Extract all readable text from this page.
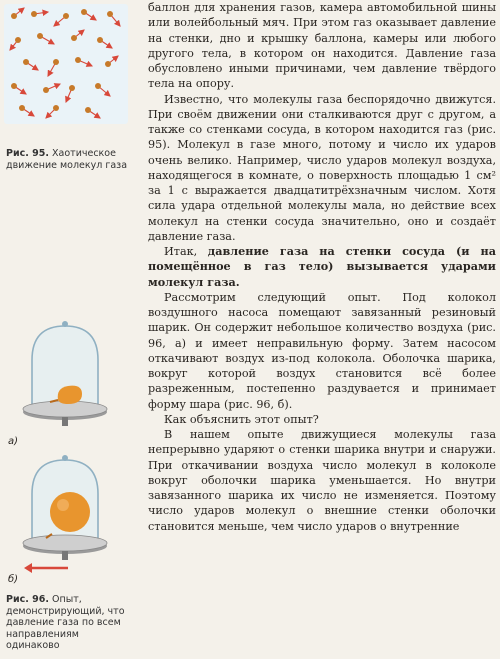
Рис. 95. Хаотическое движение молекул газа
а)
б)
Рис. 96. Опыт, демонстрирующий, что давление газа по всем направлениям одинаково

баллон для хранения газов, камера автомобильной шины или волейбольный мяч. При этом газ оказывает давление на стенки, дно и крышку баллона, камеры или любого другого тела, в котором он находится. Давление газа обусловлено иными причинами, чем давление твёрдого тела на опору.

Известно, что молекулы газа беспорядочно движутся. При своём движении они сталкиваются друг с другом, а также со стенками сосуда, в котором находится газ (рис. 95). Молекул в газе много, потому и число их ударов очень велико. Например, число ударов молекул воздуха, находящегося в комнате, о поверхность площадью 1 см² за 1 с выражается двадцатитрёхзначным числом. Хотя сила удара отдельной молекулы мала, но действие всех молекул на стенки сосуда значительно, оно и создаёт давление газа.

Итак, давление газа на стенки сосуда (и на помещённое в газ тело) вызывается ударами молекул газа.

Рассмотрим следующий опыт. Под колокол воздушного насоса помещают завязанный резиновый шарик. Он содержит небольшое количество воздуха (рис. 96, а) и имеет неправильную форму. Затем насосом откачивают воздух из-под колокола. Оболочка шарика, вокруг которой воздух становится всё более разреженным, постепенно раздувается и принимает форму шара (рис. 96, б).

Как объяснить этот опыт?

В нашем опыте движущиеся молекулы газа непрерывно ударяют о стенки шарика внутри и снаружи. При откачивании воздуха число молекул в колоколе вокруг оболочки шарика уменьшается. Но внутри завязанного шарика их число не изменяется. Поэтому число ударов молекул о внешние стенки оболочки становится меньше, чем число ударов о внутренние
